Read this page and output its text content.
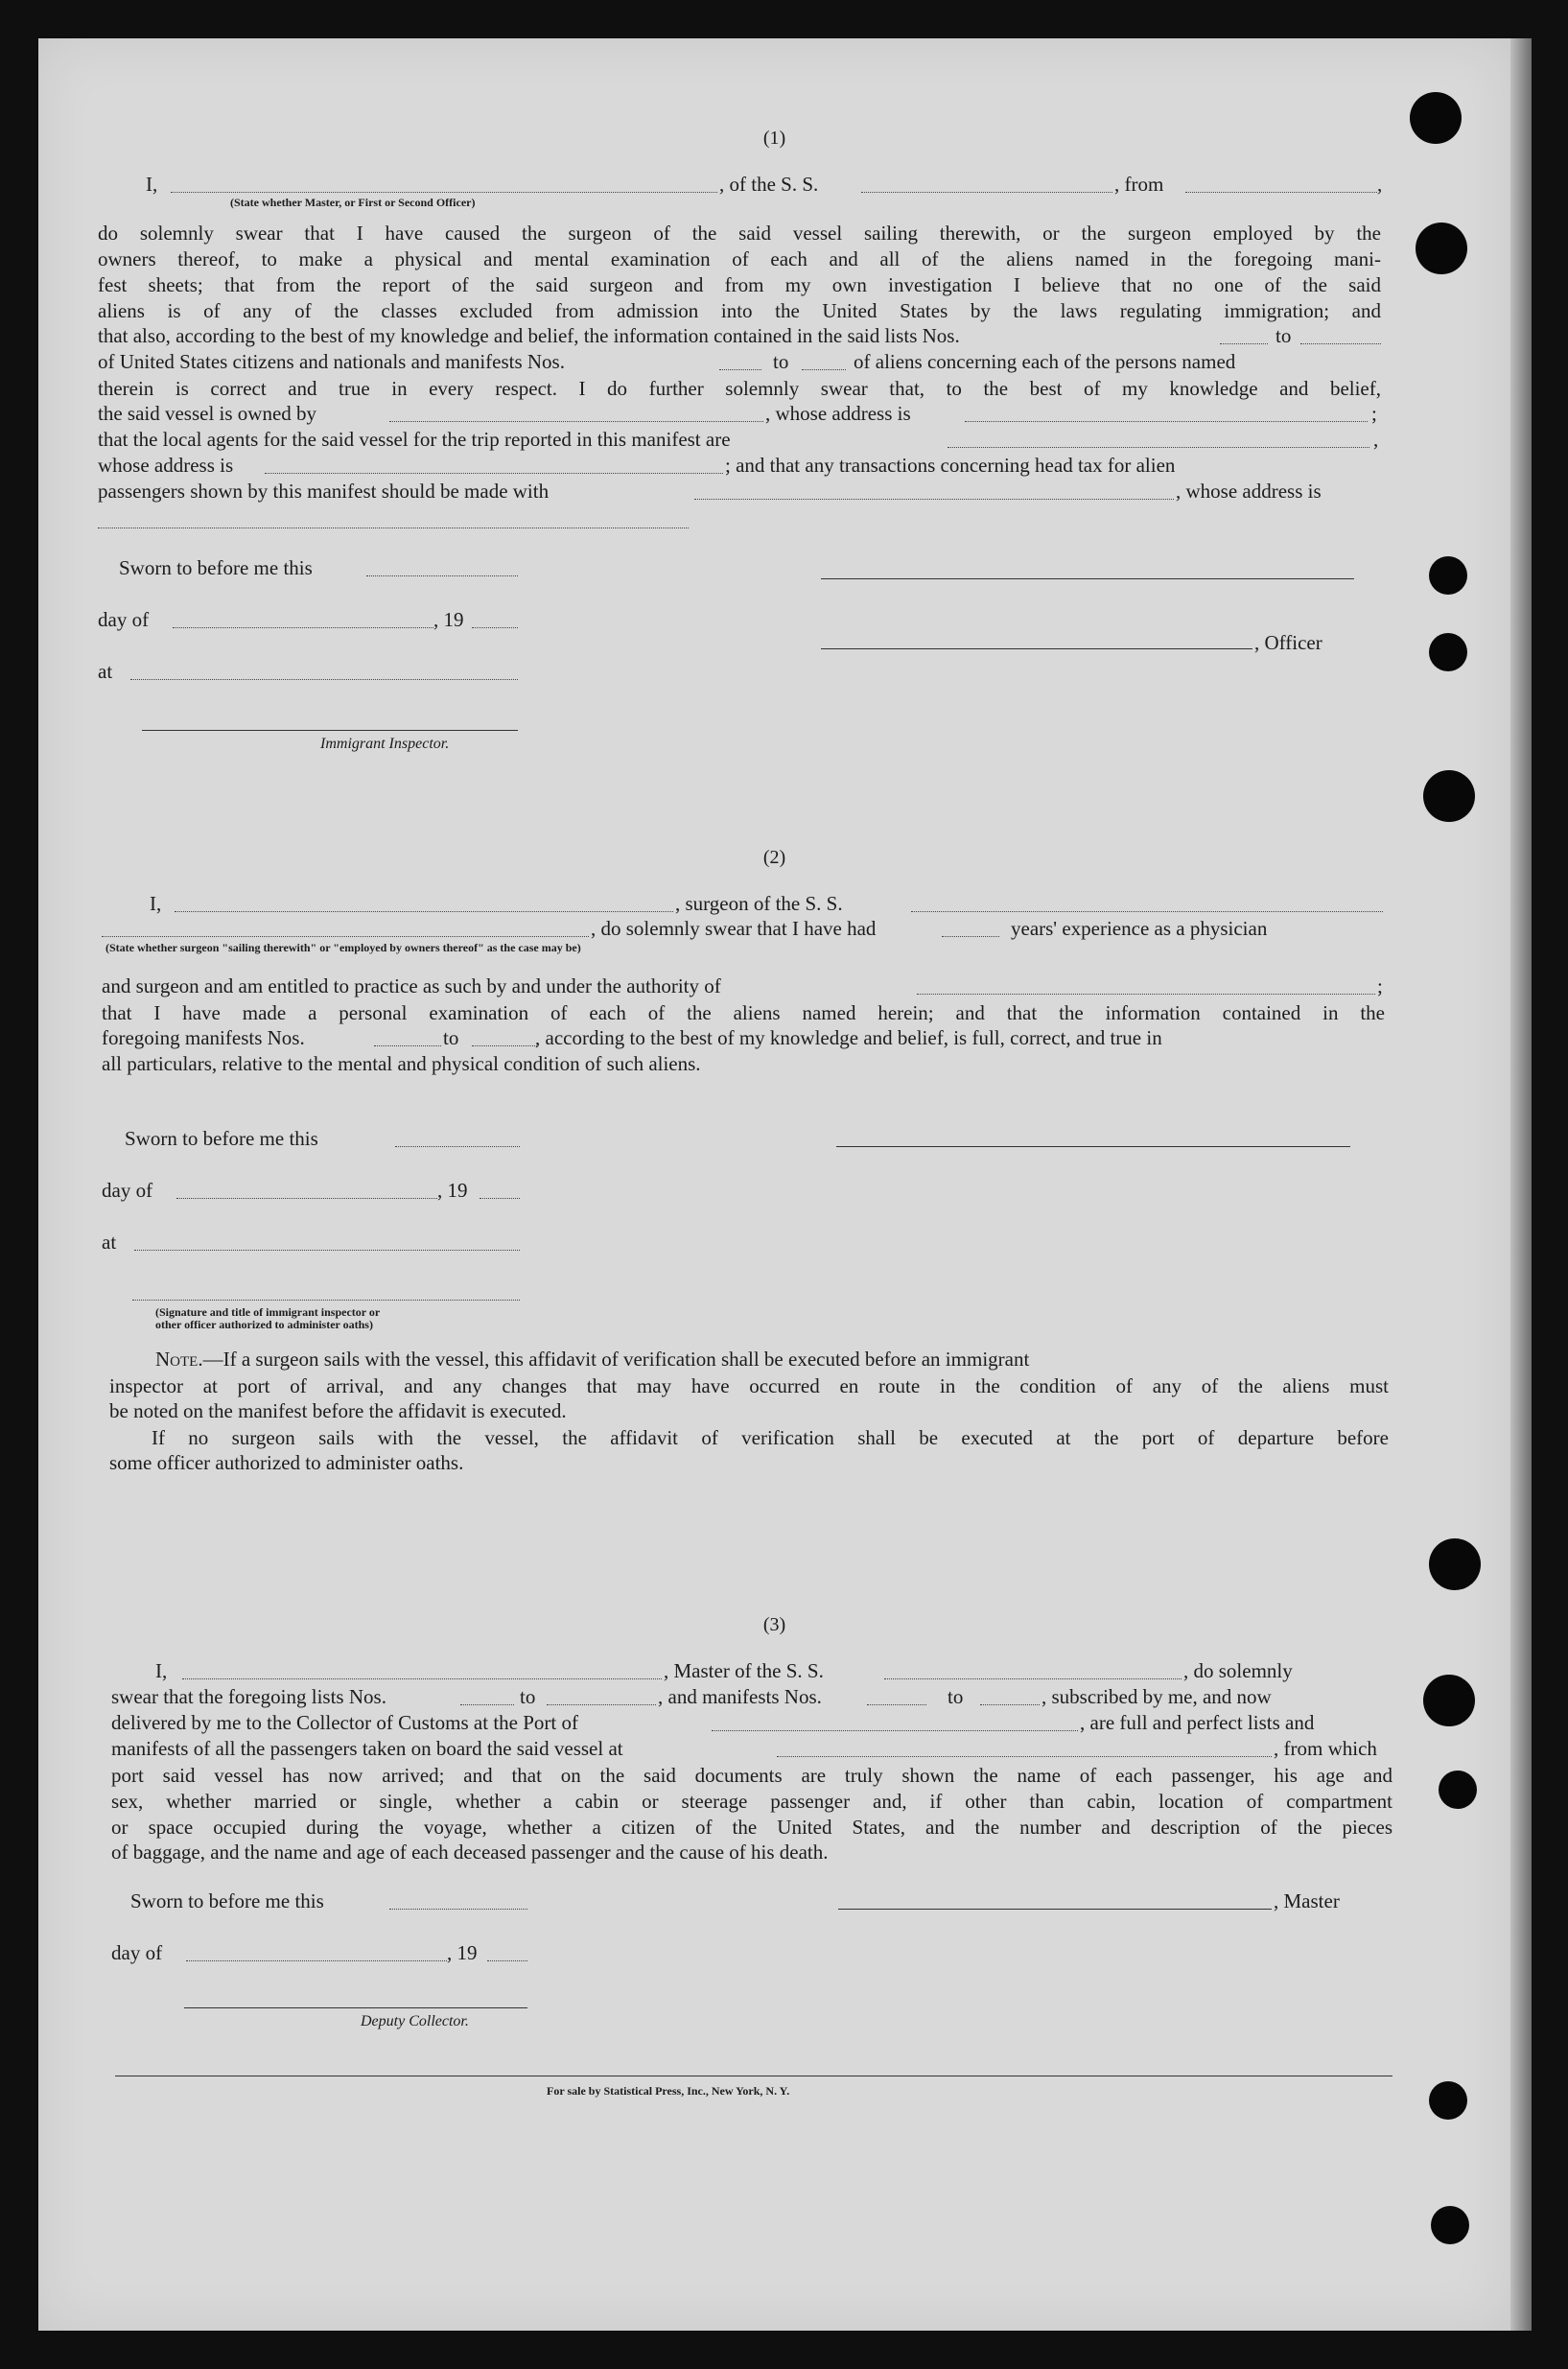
(1)
I,	, of the S. S.	, from	,
(State whether Master, or First or Second Officer)
do solemnly swear that I have caused the surgeon of the said vessel sailing therewith, or the surgeon employed by the
owners thereof, to make a physical and mental examination of each and all of the aliens named in the foregoing mani-
fest sheets; that from the report of the said surgeon and from my own investigation I believe that no one of the said
aliens is of any of the classes excluded from admission into the United States by the laws regulating immigration; and
that also, according to the best of my knowledge and belief, the information contained in the said lists Nos.	to
of United States citizens and nationals and manifests Nos.	to	of aliens concerning each of the persons named
therein is correct and true in every respect. I do further solemnly swear that, to the best of my knowledge and belief,
the said vessel is owned by	, whose address is	;
that the local agents for the said vessel for the trip reported in this manifest are	,
whose address is	; and that any transactions concerning head tax for alien
passengers shown by this manifest should be made with	, whose address is
Sworn to before me this
day of	, 19
, Officer
at
Immigrant Inspector.
(2)
I,	, surgeon of the S. S.
, do solemnly swear that I have had	years' experience as a physician
(State whether surgeon "sailing therewith" or "employed by owners thereof" as the case may be)
and surgeon and am entitled to practice as such by and under the authority of	;
that I have made a personal examination of each of the aliens named herein; and that the information contained in the
foregoing manifests Nos.	to	, according to the best of my knowledge and belief, is full, correct, and true in
all particulars, relative to the mental and physical condition of such aliens.
Sworn to before me this
day of	, 19
at
(Signature and title of immigrant inspector or
other officer authorized to administer oaths)
Note.—If a surgeon sails with the vessel, this affidavit of verification shall be executed before an immigrant
inspector at port of arrival, and any changes that may have occurred en route in the condition of any of the aliens must
be noted on the manifest before the affidavit is executed.
If no surgeon sails with the vessel, the affidavit of verification shall be executed at the port of departure before
some officer authorized to administer oaths.
(3)
I,	, Master of the S. S.	, do solemnly
swear that the foregoing lists Nos.	to	, and manifests Nos.	to	, subscribed by me, and now
delivered by me to the Collector of Customs at the Port of	, are full and perfect lists and
manifests of all the passengers taken on board the said vessel at	, from which
port said vessel has now arrived; and that on the said documents are truly shown the name of each passenger, his age and
sex, whether married or single, whether a cabin or steerage passenger and, if other than cabin, location of compartment
or space occupied during the voyage, whether a citizen of the United States, and the number and description of the pieces
of baggage, and the name and age of each deceased passenger and the cause of his death.
Sworn to before me this	, Master
day of	, 19
Deputy Collector.
For sale by Statistical Press, Inc., New York, N. Y.
